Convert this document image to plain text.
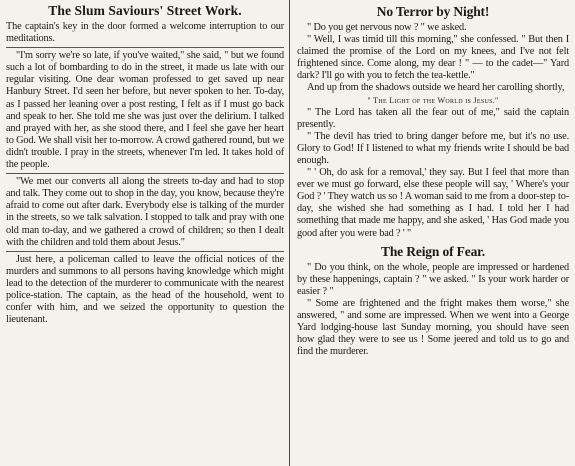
The Slum Saviours' Street Work.

The captain's key in the door formed a welcome interruption to our meditations.

"I'm sorry we're so late, if you've waited," she said, " but we found such a lot of bombarding to do in the street, it made us late with our regular visiting. One dear woman professed to get saved up near Hanbury Street. I'd seen her before, but never spoken to her. To-day, as I passed her leaning over a post resting, I felt as if I must go back and speak to her. She told me she was just over the delirium. I talked and prayed with her, as she stood there, and I feel she gave her heart to God. We shall visit her to-morrow. A crowd gathered round, but we didn't trouble. I pray in the streets, whenever I'm led. It takes hold of the people.

"We met our converts all along the streets to-day and had to stop and talk. They come out to shop in the day, you know, because they're afraid to come out after dark. Everybody else is talking of the murder in the streets, so we talk salvation. I stopped to talk and pray with one old man to-day, and we gathered a crowd of children; so then I dealt with the children and told them about Jesus."

Just here, a policeman called to leave the official notices of the murders and summons to all persons having knowledge which might lead to the detection of the murderer to communicate with the nearest police-station. The captain, as the head of the household, went to confer with him, and we seized the opportunity to question the lieutenant.

No Terror by Night!

" Do you get nervous now ? " we asked.

" Well, I was timid till this morning," she confessed. " But then I claimed the promise of the Lord on my knees, and I've not felt frightened since. Come along, my dear ! " — to the cadet—" Yard dark? I'll go with you to fetch the tea-kettle."

And up from the shadows outside we heard her carolling shortly,

" The Light of the World is Jesus."

" The Lord has taken all the fear out of me," said the captain presently.

" The devil has tried to bring danger before me, but it's no use. Glory to God! If I listened to what my friends write I should be bad enough.

" ' Oh, do ask for a removal,' they say. But I feel that more than ever we must go forward, else these people will say, ' Where's your God ? ' They watch us so ! A woman said to me from a door-step to-day, she wished she had something as I had. I told her I had something that made me happy, and she asked, ' Has God made you good after you were bad ? ' "

The Reign of Fear.

" Do you think, on the whole, people are impressed or hardened by these happenings, captain ? " we asked. " Is your work harder or easier ? "

" Some are frightened and the fright makes them worse," she answered, " and some are impressed. When we went into a George Yard lodging-house last Sunday morning, you should have seen how glad they were to see us ! Some jeered and told us to go and find the murderer.
